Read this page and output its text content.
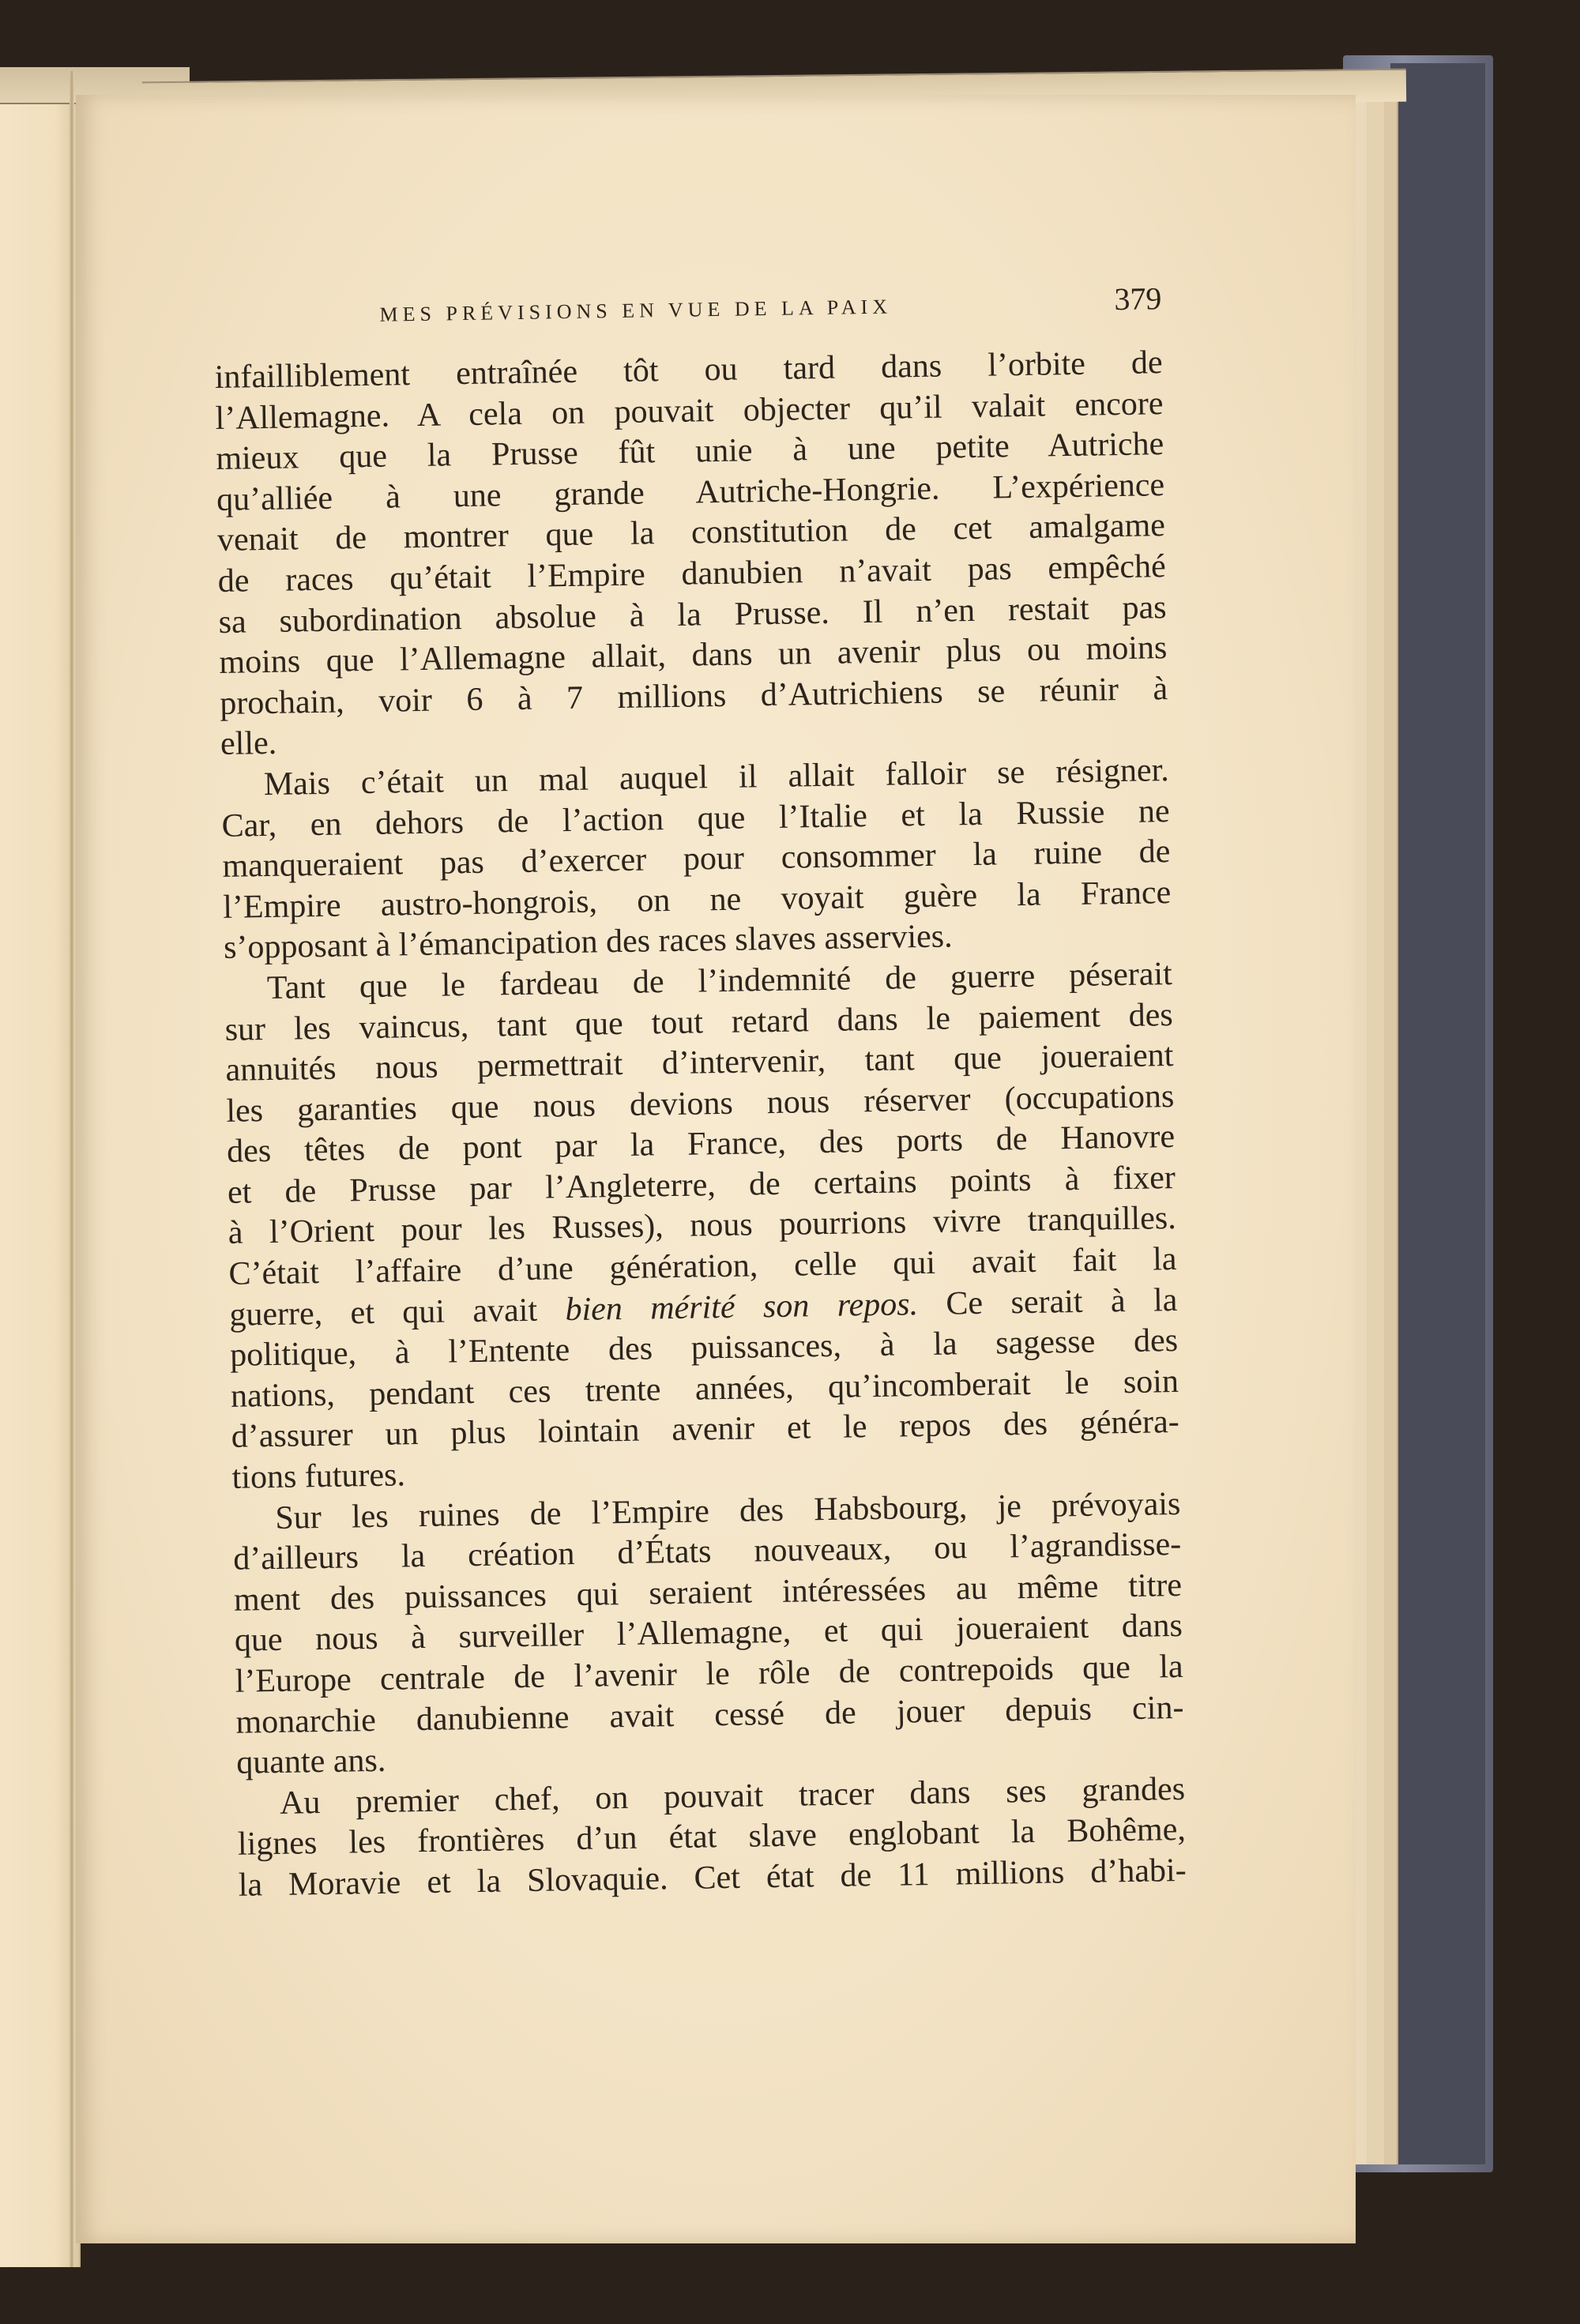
MES PRÉVISIONS EN VUE DE LA PAIX	379
infailliblement entraînée tôt ou tard dans l’orbite de
l’Allemagne. A cela on pouvait objecter qu’il valait encore
mieux que la Prusse fût unie à une petite Autriche
qu’alliée à une grande Autriche-Hongrie. L’expérience
venait de montrer que la constitution de cet amalgame
de races qu’était l’Empire danubien n’avait pas empêché
sa subordination absolue à la Prusse. Il n’en restait pas
moins que l’Allemagne allait, dans un avenir plus ou moins
prochain, voir 6 à 7 millions d’Autrichiens se réunir à
elle.
Mais c’était un mal auquel il allait falloir se résigner.
Car, en dehors de l’action que l’Italie et la Russie ne
manqueraient pas d’exercer pour consommer la ruine de
l’Empire austro-hongrois, on ne voyait guère la France
s’opposant à l’émancipation des races slaves asservies.
Tant que le fardeau de l’indemnité de guerre péserait
sur les vaincus, tant que tout retard dans le paiement des
annuités nous permettrait d’intervenir, tant que joueraient
les garanties que nous devions nous réserver (occupations
des têtes de pont par la France, des ports de Hanovre
et de Prusse par l’Angleterre, de certains points à fixer
à l’Orient pour les Russes), nous pourrions vivre tranquilles.
C’était l’affaire d’une génération, celle qui avait fait la
guerre, et qui avait bien mérité son repos. Ce serait à la
politique, à l’Entente des puissances, à la sagesse des
nations, pendant ces trente années, qu’incomberait le soin
d’assurer un plus lointain avenir et le repos des généra-
tions futures.
Sur les ruines de l’Empire des Habsbourg, je prévoyais
d’ailleurs la création d’États nouveaux, ou l’agrandisse-
ment des puissances qui seraient intéressées au même titre
que nous à surveiller l’Allemagne, et qui joueraient dans
l’Europe centrale de l’avenir le rôle de contrepoids que la
monarchie danubienne avait cessé de jouer depuis cin-
quante ans.
Au premier chef, on pouvait tracer dans ses grandes
lignes les frontières d’un état slave englobant la Bohême,
la Moravie et la Slovaquie. Cet état de 11 millions d’habi-
